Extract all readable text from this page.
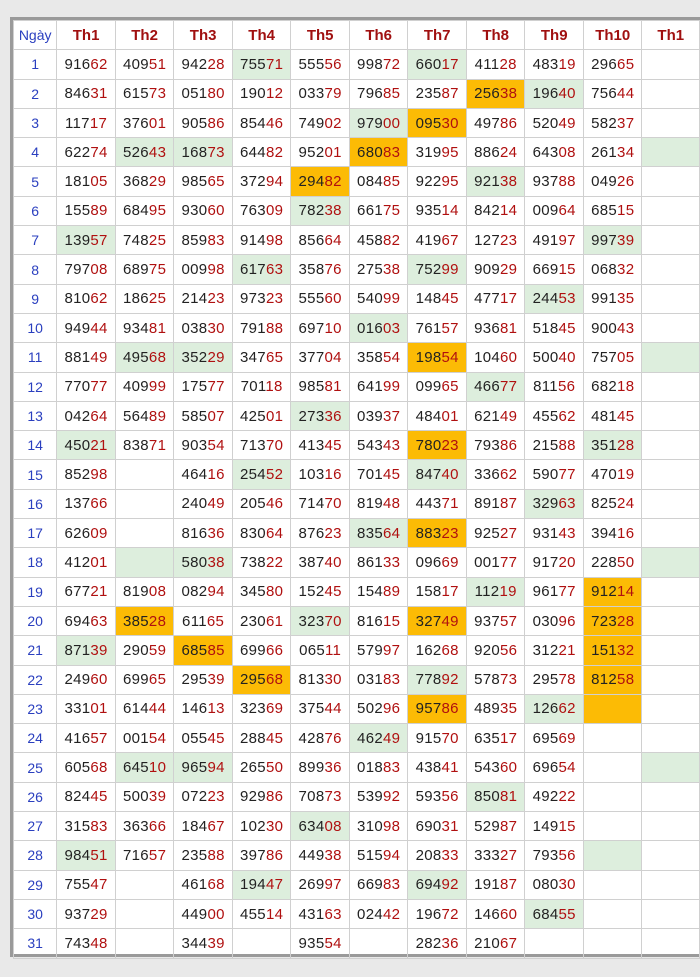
Ngày	Th1	Th2	Th3	Th4	Th5	Th6	Th7	Th8	Th9	Th10	Th1
1	91662	40951	94228	75571	55556	99872	66017	41128	48319	29665	
2	84631	61573	05180	19012	03379	79685	23587	25638	19640	75644	
3	11717	37601	90586	85446	74902	97900	09530	49786	52049	58237	
4	62274	52643	16873	64482	95201	68083	31995	88624	64308	26134	
5	18105	36829	98565	37294	29482	08485	92295	92138	93788	04926	
6	15589	68495	93060	76309	78238	66175	93514	84214	00964	68515	
7	13957	74825	85983	91498	85664	45882	41967	12723	49197	99739	
8	79708	68975	00998	61763	35876	27538	75299	90929	66915	06832	
9	81062	18625	21423	97323	55560	54099	14845	47717	24453	99135	
10	94944	93481	03830	79188	69710	01603	76157	93681	51845	90043	
11	88149	49568	35229	34765	37704	35854	19854	10460	50040	75705	
12	77077	40999	17577	70118	98581	64199	09965	46677	81156	68218	
13	04264	56489	58507	42501	27336	03937	48401	62149	45562	48145	
14	45021	83871	90354	71370	41345	54343	78023	79386	21588	35128	
15	85298		46416	25452	10316	70145	84740	33662	59077	47019	
16	13766		24049	20546	71470	81948	44371	89187	32963	82524	
17	62609		81636	83064	87623	83564	88323	92527	93143	39416	
18	41201		58038	73822	38740	86133	09669	00177	91720	22850	
19	67721	81908	08294	34580	15245	15489	15817	11219	96177	91214	
20	69463	38528	61165	23061	32370	81615	32749	93757	03096	72328	
21	87139	29059	68585	69966	06511	57997	16268	92056	31221	15132	
22	24960	69965	29539	29568	81330	03183	77892	57873	29578	81258	
23	33101	61444	14613	32369	37544	50296	95786	48935	12662		
24	41657	00154	05545	28845	42876	46249	91570	63517	69569		
25	60568	64510	96594	26550	89936	01883	43841	54360	69654		
26	82445	50039	07223	92986	70873	53992	59356	85081	49222		
27	31583	36366	18467	10230	63408	31098	69031	52987	14915		
28	98451	71657	23588	39786	44938	51594	20833	33327	79356		
29	75547		46168	19447	26997	66983	69492	19187	08030		
30	93729		44900	45514	43163	02442	19672	14660	68455		
31	74348		34439		93554		28236	21067			
